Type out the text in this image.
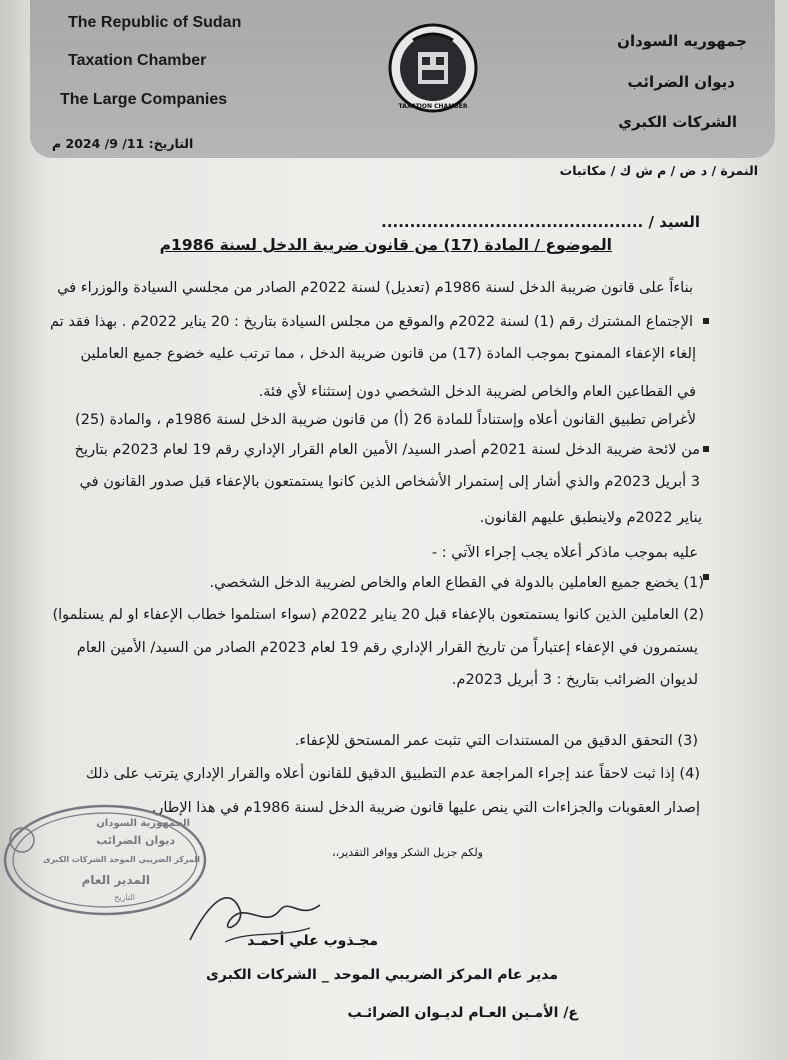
The Republic of Sudan
Taxation Chamber
The Large Companies
جمهوريه السودان
ديوان الضرائب
الشركات الكبري
TAXATION CHAMBER
التاريخ: 11/ 9/ 2024 م
النمرة / د ض / م ش ك / مكاتبات
السيد / ..............................................
الموضوع / المادة (17) من قانون ضريبة الدخل لسنة 1986م
بناءاً على قانون ضريبة الدخل لسنة 1986م (تعديل) لسنة 2022م الصادر من مجلسي السيادة والوزراء في
الإجتماع المشترك رقم (1) لسنة 2022م والموقع من مجلس السيادة بتاريخ : 20 يناير 2022م . بهذا فقد تم
إلغاء الإعفاء الممنوح بموجب المادة (17) من قانون ضريبة الدخل ، مما ترتب عليه خضوع جميع العاملين
في القطاعين العام والخاص لضريبة الدخل الشخصي دون إستثناء لأي فئة.
لأغراض تطبيق القانون أعلاه وإستناداً للمادة 26 (أ) من قانون ضريبة الدخل لسنة 1986م ، والمادة (25)
من لائحة ضريبة الدخل لسنة 2021م أصدر السيد/ الأمين العام القرار الإداري رقم 19 لعام 2023م بتاريخ
3 أبريل 2023م والذي أشار إلى إستمرار الأشخاص الذين كانوا يستمتعون بالإعفاء قبل صدور القانون في
يناير 2022م ولاينطبق عليهم القانون.
عليه بموجب ماذكر أعلاه يجب إجراء الآتي : -
(1) يخضع جميع العاملين بالدولة في القطاع العام والخاص لضريبة الدخل الشخصي.
(2) العاملين الذين كانوا يستمتعون بالإعفاء قبل 20 يناير 2022م (سواء استلموا خطاب الإعفاء او لم يستلموا)
يستمرون في الإعفاء إعتباراً من تاريخ القرار الإداري رقم 19 لعام 2023م الصادر من السيد/ الأمين العام
لديوان الضرائب بتاريخ : 3 أبريل 2023م.
(3) التحقق الدقيق من المستندات التي تثبت عمر المستحق للإعفاء.
(4) إذا ثبت لاحقاً عند إجراء المراجعة عدم التطبيق الدقيق للقانون أعلاه والقرار الإداري يترتب على ذلك
إصدار العقوبات والجزاءات التي ينص عليها قانون ضريبة الدخل لسنة 1986م في هذا الإطار.
ولكم جزيل الشكر ووافر التقدير،،
الجمهورية السودان
ديوان الضرائب
المركز الضريبي الموحد الشركات الكبرى
المدير العام
التاريخ
مجـذوب علي أحمـد
مدير عام المركز الضريبي الموحد _ الشركات الكبرى
ع/ الأمـين العـام لديـوان الضرائـب
